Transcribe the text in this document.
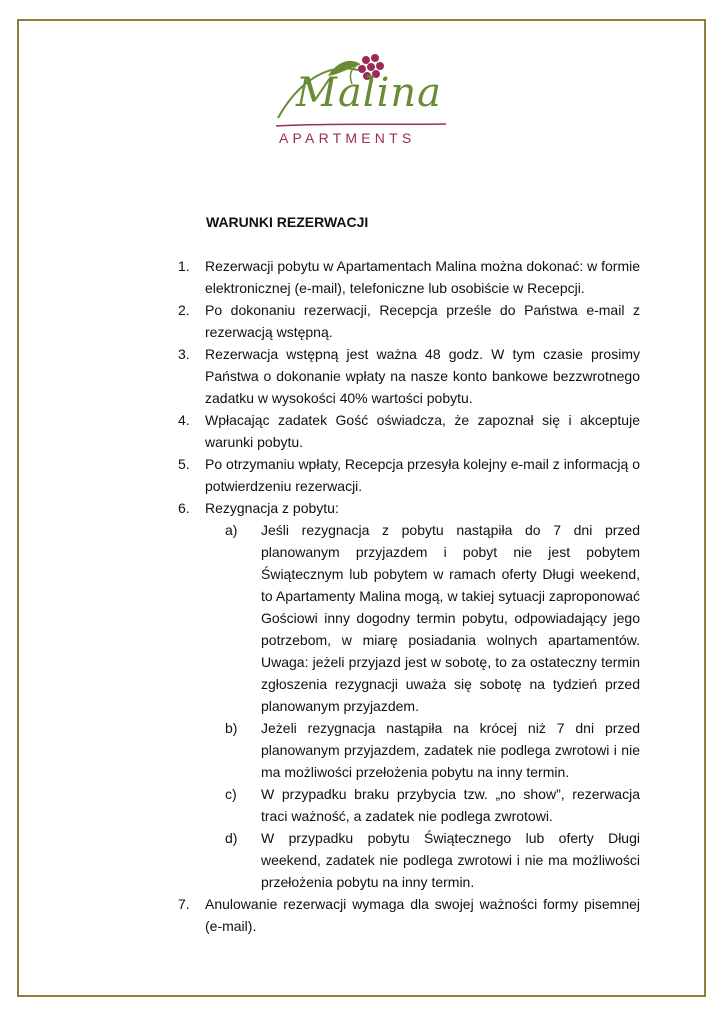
Malina
APARTMENTS
WARUNKI REZERWACJI
1.	Rezerwacji pobytu w Apartamentach Malina można dokonać: w formie elektronicznej (e-mail), telefoniczne lub osobiście w Recepcji.
2.	Po dokonaniu rezerwacji, Recepcja prześle do Państwa e-mail z rezerwacją wstępną.
3.	Rezerwacja wstępną jest ważna 48 godz. W tym czasie prosimy Państwa o dokonanie wpłaty na nasze konto bankowe bezzwrotnego zadatku w wysokości 40% wartości pobytu.
4.	Wpłacając zadatek Gość oświadcza, że zapoznał się i akceptuje warunki pobytu.
5.	Po otrzymaniu wpłaty, Recepcja przesyła kolejny e-mail z informacją o potwierdzeniu rezerwacji.
6.	Rezygnacja z pobytu:
a)	Jeśli rezygnacja z pobytu nastąpiła do 7 dni przed planowanym przyjazdem i pobyt nie jest pobytem Świątecznym lub pobytem w ramach oferty Długi weekend, to Apartamenty Malina mogą, w takiej sytuacji zaproponować Gościowi inny dogodny termin pobytu, odpowiadający jego potrzebom, w miarę posiadania wolnych apartamentów. Uwaga: jeżeli przyjazd jest w sobotę, to za ostateczny termin zgłoszenia rezygnacji uważa się sobotę na tydzień przed planowanym przyjazdem.
b)	Jeżeli rezygnacja nastąpiła na krócej niż 7 dni przed planowanym przyjazdem, zadatek nie podlega zwrotowi i nie ma możliwości przełożenia pobytu na inny termin.
c)	W przypadku braku przybycia tzw. „no show”, rezerwacja traci ważność, a zadatek nie podlega zwrotowi.
d)	W przypadku pobytu Świątecznego lub oferty Długi weekend, zadatek nie podlega zwrotowi i nie ma możliwości przełożenia pobytu na inny termin.
7.	Anulowanie rezerwacji wymaga dla swojej ważności formy pisemnej (e-mail).
